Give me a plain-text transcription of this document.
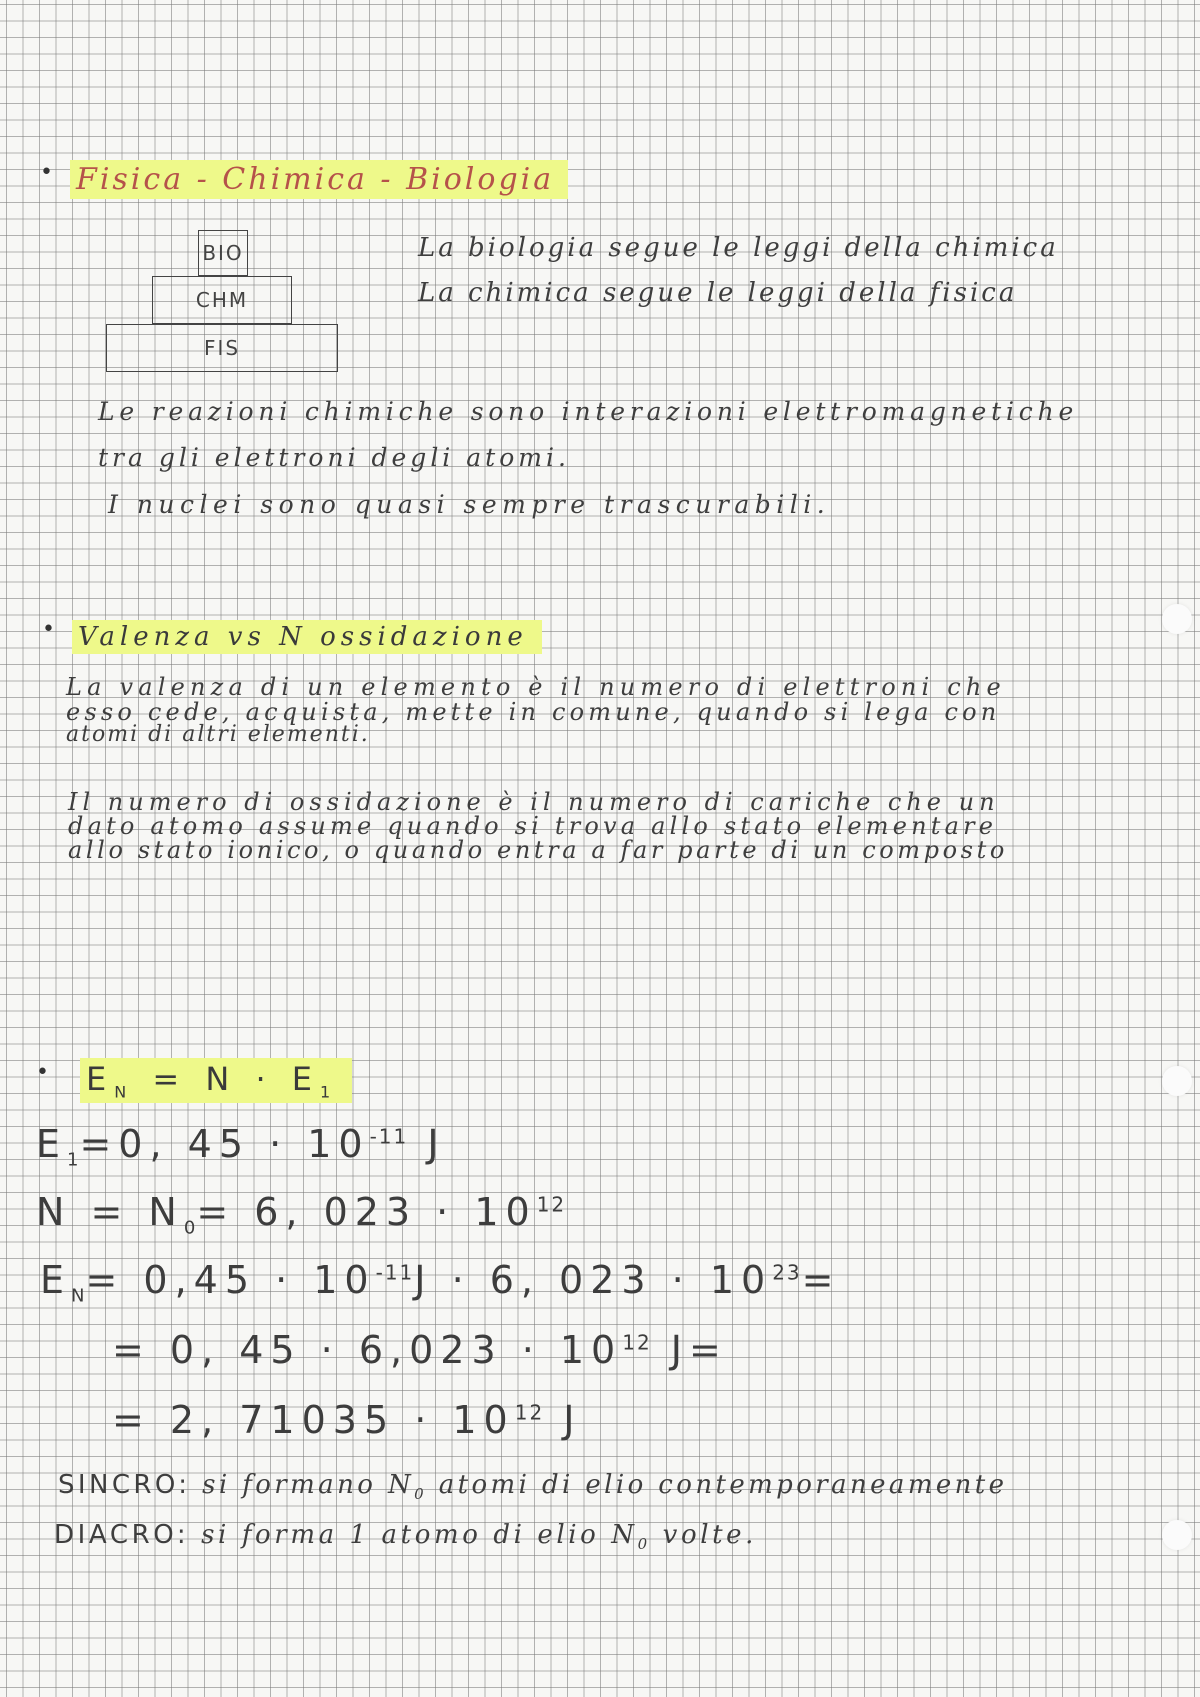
• Fisica - Chimica - Biologia
BIO
CHM
FIS
La biologia segue le leggi della chimica
La chimica segue le leggi della fisica
Le reazioni chimiche sono interazioni elettromagnetiche
tra gli elettroni degli atomi.
I nuclei sono quasi sempre trascurabili.
• Valenza vs N ossidazione
La valenza di un elemento è il numero di elettroni che
esso cede, acquista, mette in comune, quando si lega con
atomi di altri elementi.
Il numero di ossidazione è il numero di cariche che un
dato atomo assume quando si trova allo stato elementare
allo stato ionico, o quando entra a far parte di un composto
• $E_N = N \cdot E_1$
$E_1=0$, $45 \cdot 10^{-11}$ J
$N = N_0= 6$, $023 \cdot 10^{12}$
$E_N= 0,45 \cdot 10^{-11}J \cdot 6$, $023 \cdot 10^{23}=$
= 0, $45 \cdot 6,023 \cdot 10^{12}$ J=
= 2, $71035 \cdot 10^{12}$ J
SINCRO: si formano $N_0$ atomi di elio contemporaneamente
DIACRO: si forma 1 atomo di elio $N_0$ volte.
